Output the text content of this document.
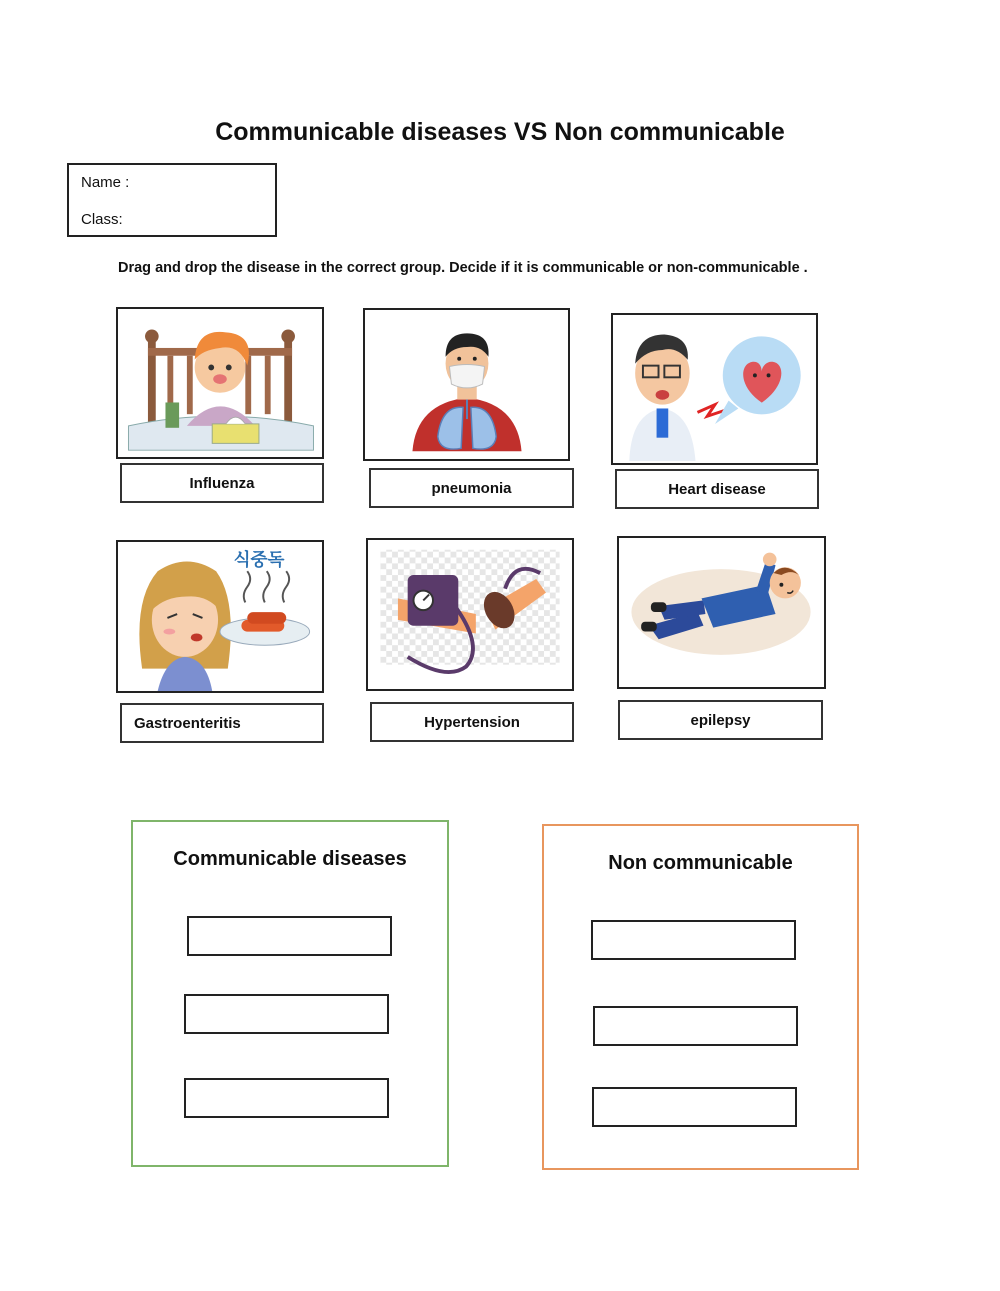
Communicable diseases VS Non communicable
Name :
Class:
Drag and drop the disease in the correct group. Decide if it is communicable or non-communicable .
Influenza	pneumonia	Heart disease
식중독
Gastroenteritis	Hypertension	epilepsy
Communicable diseases	Non communicable
